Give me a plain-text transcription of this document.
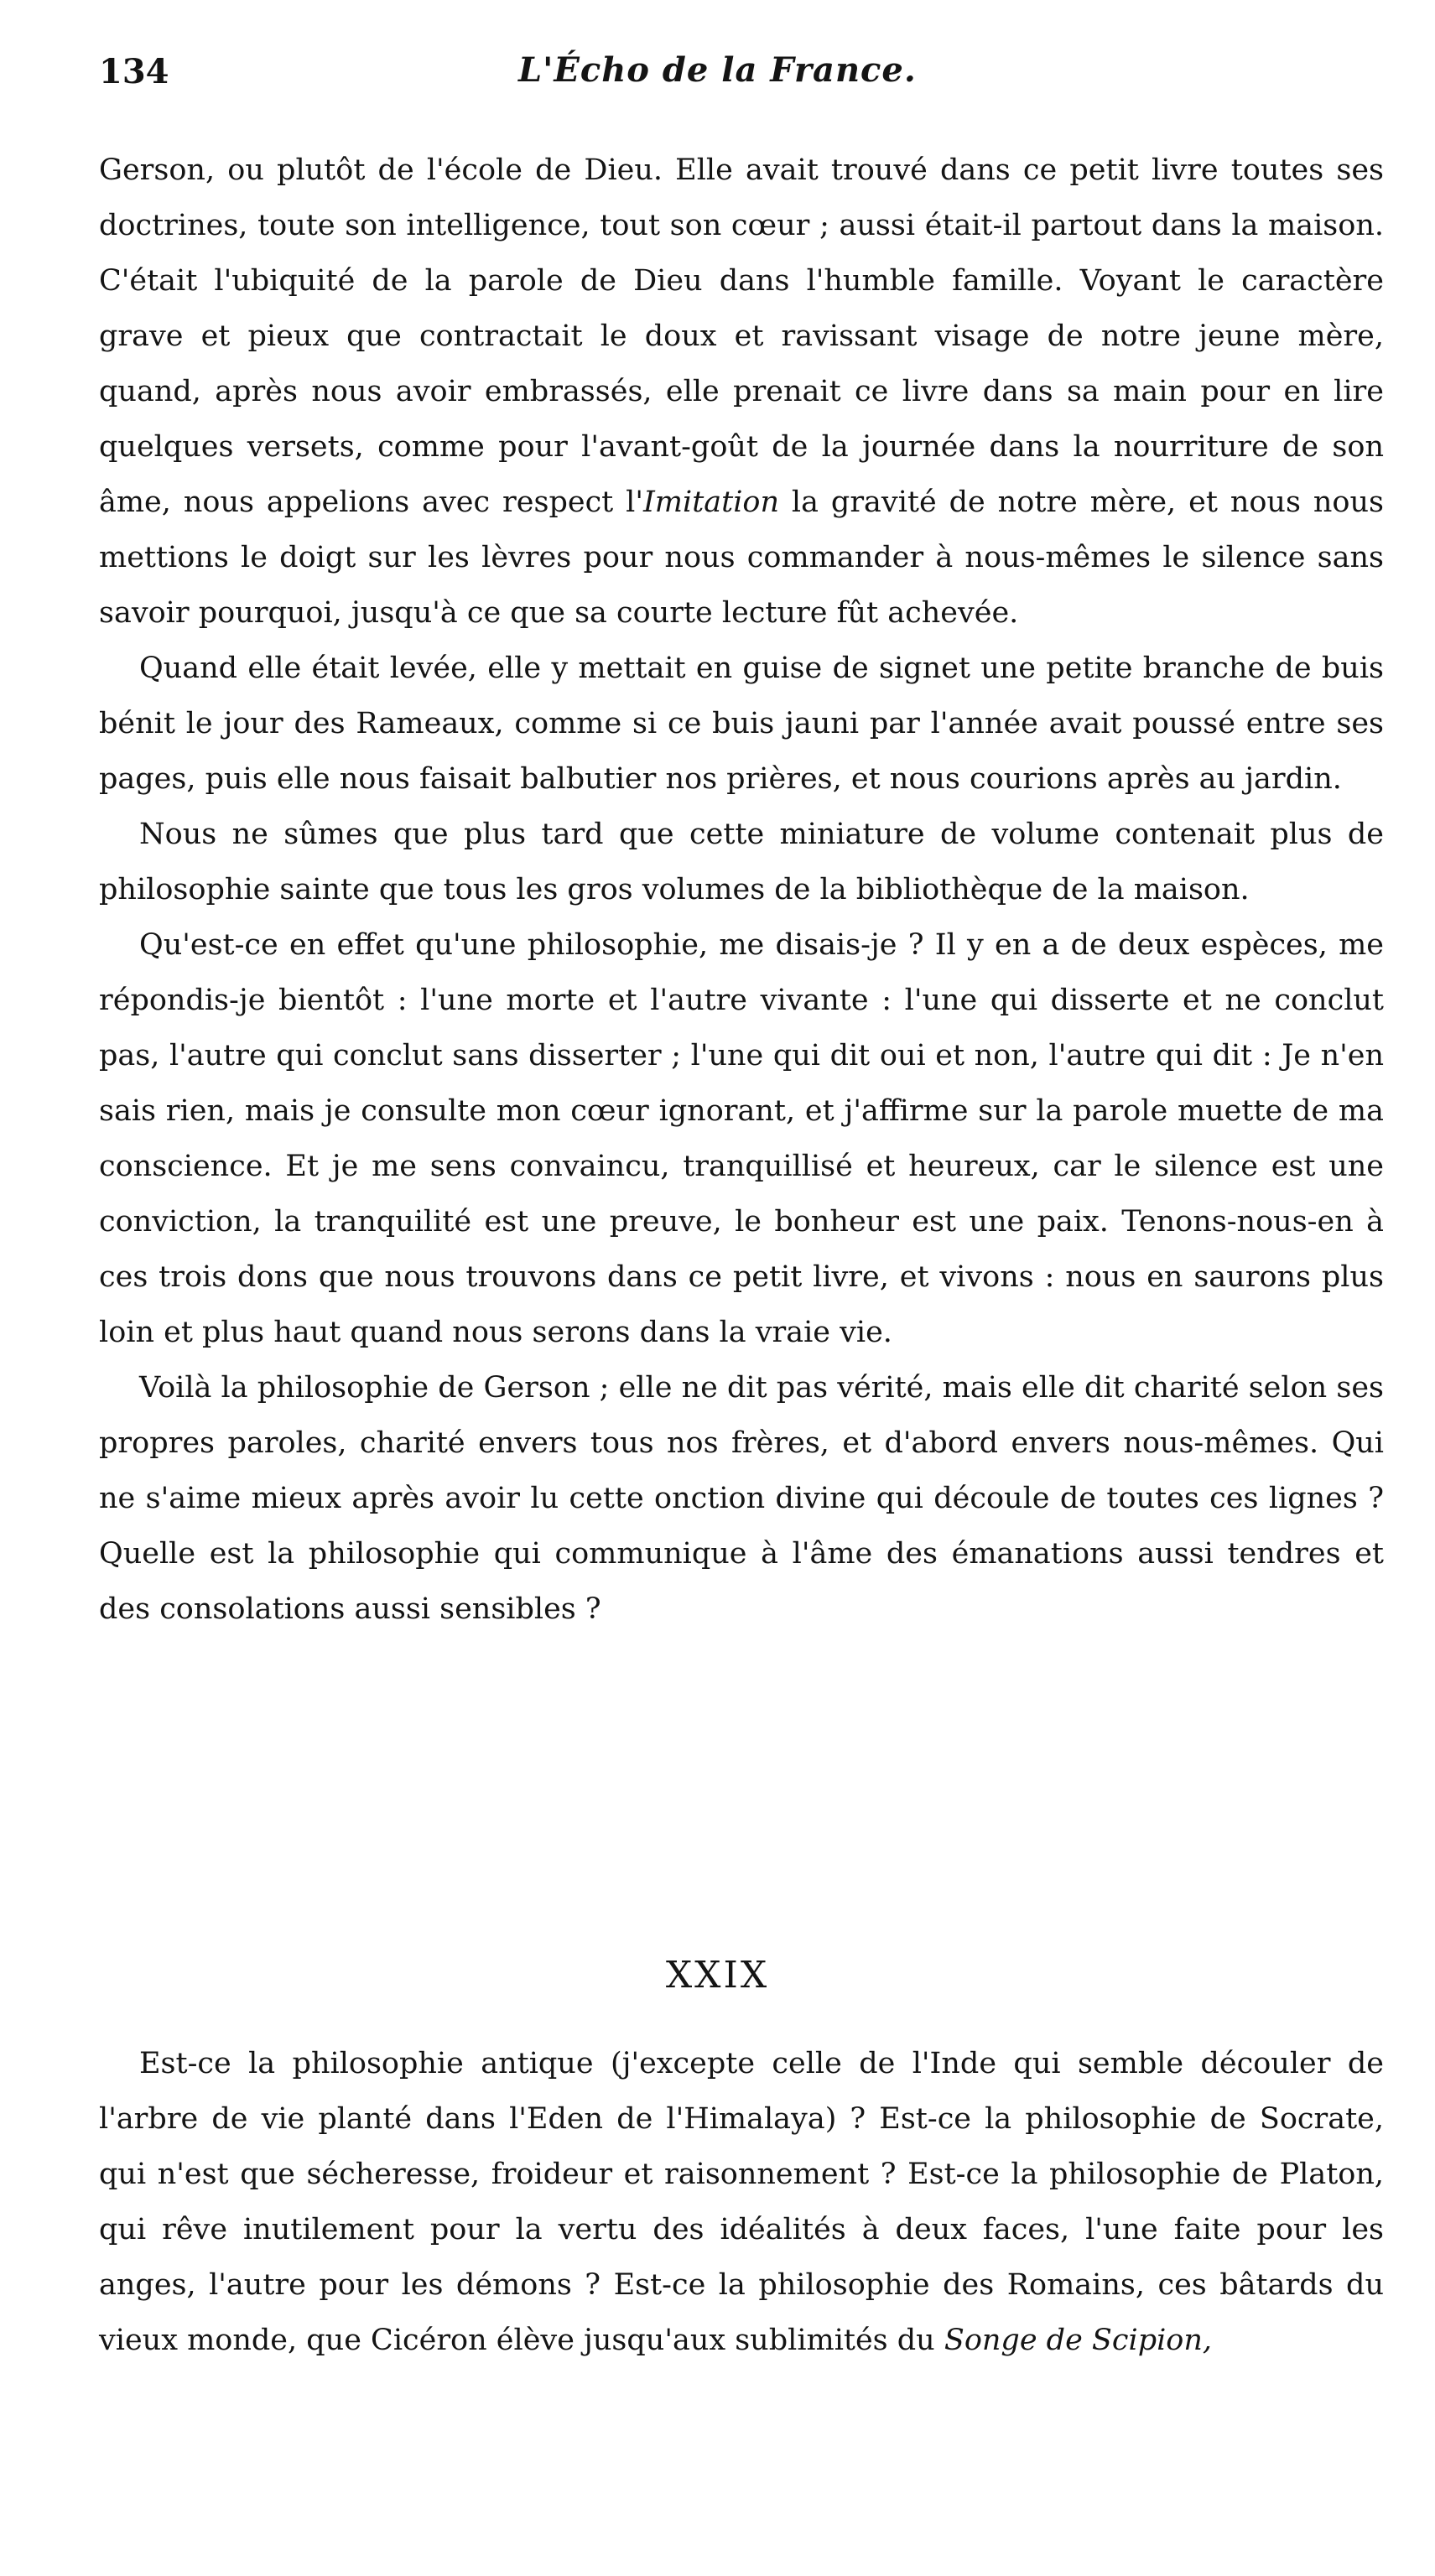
134	L'Écho de la France.

Gerson, ou plutôt de l'école de Dieu. Elle avait trouvé dans ce petit livre toutes ses doctrines, toute son intelligence, tout son cœur ; aussi était-il partout dans la maison. C'était l'ubiquité de la parole de Dieu dans l'humble famille. Voyant le caractère grave et pieux que contractait le doux et ravissant visage de notre jeune mère, quand, après nous avoir embrassés, elle prenait ce livre dans sa main pour en lire quelques versets, comme pour l'avant-goût de la journée dans la nourriture de son âme, nous appelions avec respect l'Imitation la gravité de notre mère, et nous nous mettions le doigt sur les lèvres pour nous commander à nous-mêmes le silence sans savoir pourquoi, jusqu'à ce que sa courte lecture fût achevée.

Quand elle était levée, elle y mettait en guise de signet une petite branche de buis bénit le jour des Rameaux, comme si ce buis jauni par l'année avait poussé entre ses pages, puis elle nous faisait balbutier nos prières, et nous courions après au jardin.

Nous ne sûmes que plus tard que cette miniature de volume contenait plus de philosophie sainte que tous les gros volumes de la bibliothèque de la maison.

Qu'est-ce en effet qu'une philosophie, me disais-je ? Il y en a de deux espèces, me répondis-je bientôt : l'une morte et l'autre vivante : l'une qui disserte et ne conclut pas, l'autre qui conclut sans disserter ; l'une qui dit oui et non, l'autre qui dit : Je n'en sais rien, mais je consulte mon cœur ignorant, et j'affirme sur la parole muette de ma conscience. Et je me sens convaincu, tranquillisé et heureux, car le silence est une conviction, la tranquilité est une preuve, le bonheur est une paix. Tenons-nous-en à ces trois dons que nous trouvons dans ce petit livre, et vivons : nous en saurons plus loin et plus haut quand nous serons dans la vraie vie.

Voilà la philosophie de Gerson ; elle ne dit pas vérité, mais elle dit charité selon ses propres paroles, charité envers tous nos frères, et d'abord envers nous-mêmes. Qui ne s'aime mieux après avoir lu cette onction divine qui découle de toutes ces lignes ? Quelle est la philosophie qui communique à l'âme des émanations aussi tendres et des consolations aussi sensibles ?

XXIX

Est-ce la philosophie antique (j'excepte celle de l'Inde qui semble découler de l'arbre de vie planté dans l'Eden de l'Himalaya) ? Est-ce la philosophie de Socrate, qui n'est que sécheresse, froideur et raisonnement ? Est-ce la philosophie de Platon, qui rêve inutilement pour la vertu des idéalités à deux faces, l'une faite pour les anges, l'autre pour les démons ? Est-ce la philosophie des Romains, ces bâtards du vieux monde, que Cicéron élève jusqu'aux sublimités du Songe de Scipion,
